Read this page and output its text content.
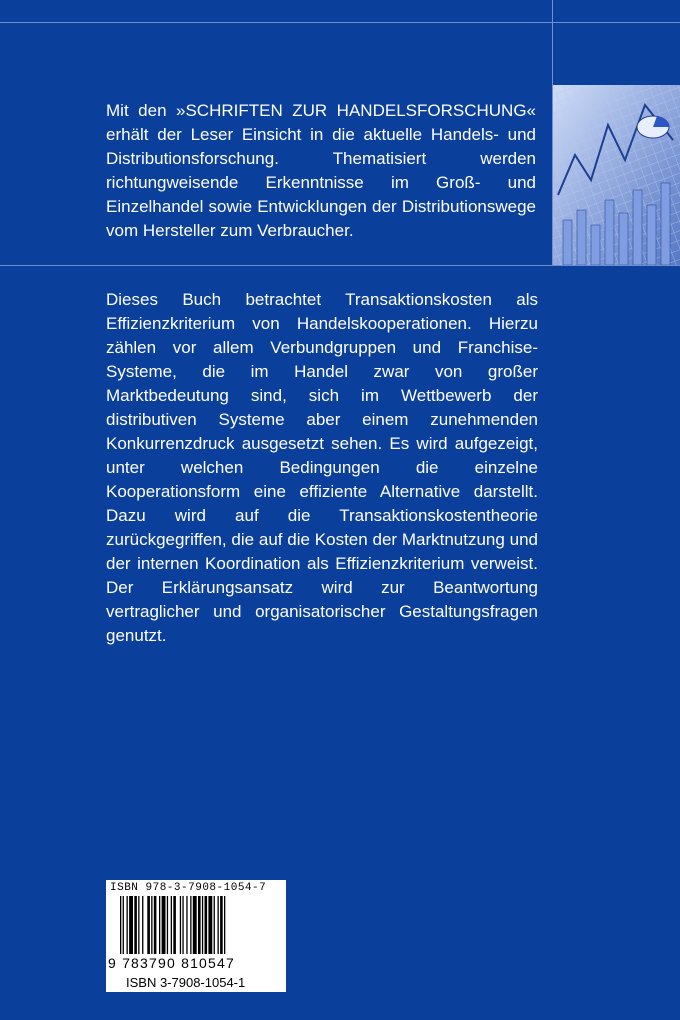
Mit den »SCHRIFTEN ZUR HANDELSFORSCHUNG« erhält der Leser Einsicht in die aktuelle Handels- und Distributionsforschung. Thematisiert werden richtungweisende Erkenntnisse im Groß- und Einzelhandel sowie Entwicklungen der Distributionswege vom Hersteller zum Verbraucher.

Dieses Buch betrachtet Transaktionskosten als Effizienzkriterium von Handelskooperationen. Hierzu zählen vor allem Verbundgruppen und Franchise-Systeme, die im Handel zwar von großer Marktbedeutung sind, sich im Wettbewerb der distributiven Systeme aber einem zunehmenden Konkurrenzdruck ausgesetzt sehen. Es wird aufgezeigt, unter welchen Bedingungen die einzelne Kooperationsform eine effiziente Alternative darstellt. Dazu wird auf die Transaktionskostentheorie zurückgegriffen, die auf die Kosten der Marktnutzung und der internen Koordination als Effizienzkriterium verweist. Der Erklärungsansatz wird zur Beantwortung vertraglicher und organisatorischer Gestaltungsfragen genutzt.

ISBN 978-3-7908-1054-7
9 783790 810547
ISBN 3-7908-1054-1
